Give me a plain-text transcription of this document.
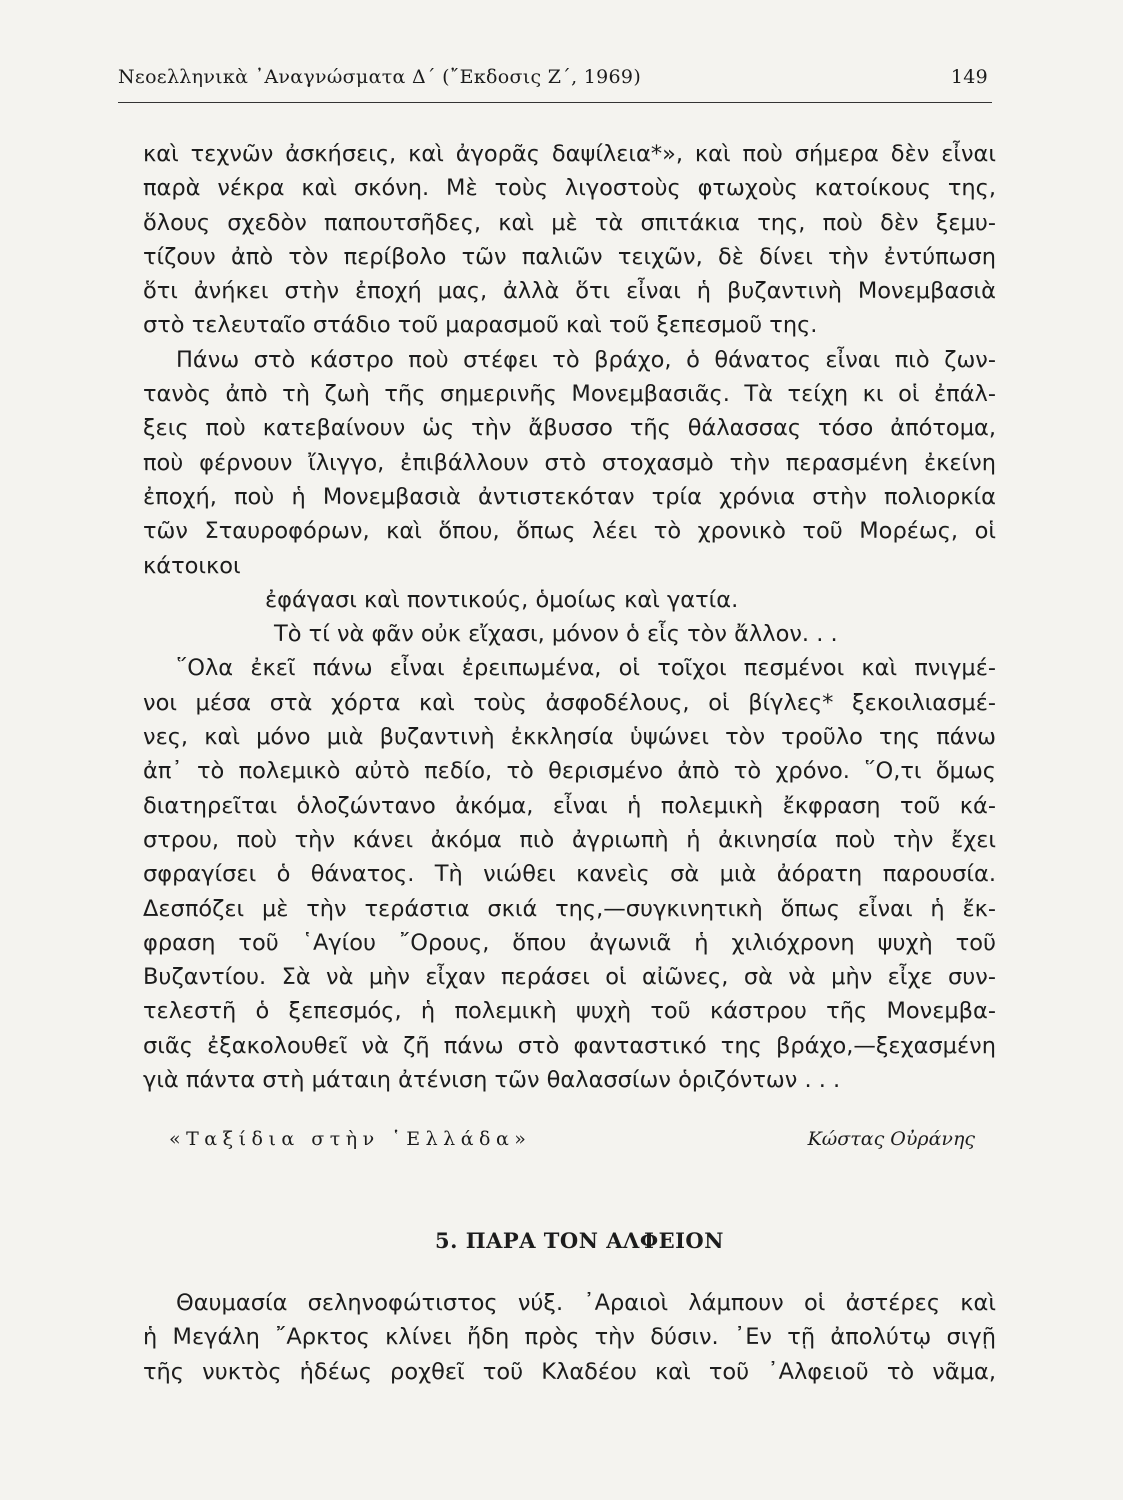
Νεοελληνικὰ ᾿Αναγνώσματα Δ΄ (῎Εκδοσις Ζ΄, 1969)	149
καὶ τεχνῶν ἀσκήσεις, καὶ ἀγορᾶς δαψίλεια*», καὶ ποὺ σήμερα δὲν εἶναι
παρὰ νέκρα καὶ σκόνη. Μὲ τοὺς λιγοστοὺς φτωχοὺς κατοίκους της,
ὅλους σχεδὸν παπουτσῆδες, καὶ μὲ τὰ σπιτάκια της, ποὺ δὲν ξεμυ-
τίζουν ἀπὸ τὸν περίβολο τῶν παλιῶν τειχῶν, δὲ δίνει τὴν ἐντύπωση
ὅτι ἀνήκει στὴν ἐποχή μας, ἀλλὰ ὅτι εἶναι ἡ βυζαντινὴ Μονεμβασιὰ
στὸ τελευταῖο στάδιο τοῦ μαρασμοῦ καὶ τοῦ ξεπεσμοῦ της.
Πάνω στὸ κάστρο ποὺ στέφει τὸ βράχο, ὁ θάνατος εἶναι πιὸ ζων-
τανὸς ἀπὸ τὴ ζωὴ τῆς σημερινῆς Μονεμβασιᾶς. Τὰ τείχη κι οἱ ἐπάλ-
ξεις ποὺ κατεβαίνουν ὡς τὴν ἄβυσσο τῆς θάλασσας τόσο ἀπότομα,
ποὺ φέρνουν ἴλιγγο, ἐπιβάλλουν στὸ στοχασμὸ τὴν περασμένη ἐκείνη
ἐποχή, ποὺ ἡ Μονεμβασιὰ ἀντιστεκόταν τρία χρόνια στὴν πολιορκία
τῶν Σταυροφόρων, καὶ ὅπου, ὅπως λέει τὸ χρονικὸ τοῦ Μορέως, οἱ
κάτοικοι
ἐφάγασι καὶ ποντικούς, ὁμοίως καὶ γατία.
Τὸ τί νὰ φᾶν οὐκ εἴχασι, μόνον ὁ εἷς τὸν ἄλλον. . .
῞Ολα ἐκεῖ πάνω εἶναι ἐρειπωμένα, οἱ τοῖχοι πεσμένοι καὶ πνιγμέ-
νοι μέσα στὰ χόρτα καὶ τοὺς ἀσφοδέλους, οἱ βίγλες* ξεκοιλιασμέ-
νες, καὶ μόνο μιὰ βυζαντινὴ ἐκκλησία ὑψώνει τὸν τροῦλο της πάνω
ἀπ᾿ τὸ πολεμικὸ αὐτὸ πεδίο, τὸ θερισμένο ἀπὸ τὸ χρόνο. ῞Ο,τι ὅμως
διατηρεῖται ὁλοζώντανο ἀκόμα, εἶναι ἡ πολεμικὴ ἔκφραση τοῦ κά-
στρου, ποὺ τὴν κάνει ἀκόμα πιὸ ἀγριωπὴ ἡ ἀκινησία ποὺ τὴν ἔχει
σφραγίσει ὁ θάνατος. Τὴ νιώθει κανεὶς σὰ μιὰ ἀόρατη παρουσία.
Δεσπόζει μὲ τὴν τεράστια σκιά της,—συγκινητικὴ ὅπως εἶναι ἡ ἔκ-
φραση τοῦ ῾Αγίου ῎Ορους, ὅπου ἀγωνιᾶ ἡ χιλιόχρονη ψυχὴ τοῦ
Βυζαντίου. Σὰ νὰ μὴν εἶχαν περάσει οἱ αἰῶνες, σὰ νὰ μὴν εἶχε συν-
τελεστῆ ὁ ξεπεσμός, ἡ πολεμικὴ ψυχὴ τοῦ κάστρου τῆς Μονεμβα-
σιᾶς ἐξακολουθεῖ νὰ ζῆ πάνω στὸ φανταστικό της βράχο,—ξεχασμένη
γιὰ πάντα στὴ μάταιη ἀτένιση τῶν θαλασσίων ὁριζόντων . . .
«Ταξίδια στὴν ῾Ελλάδα»	Κώστας Οὐράνης
5. ΠΑΡΑ ΤΟΝ ΑΛΦΕΙΟΝ
Θαυμασία σεληνοφώτιστος νύξ. ᾿Αραιοὶ λάμπουν οἱ ἀστέρες καὶ
ἡ Μεγάλη ῎Αρκτος κλίνει ἤδη πρὸς τὴν δύσιν. ᾿Εν τῇ ἀπολύτῳ σιγῇ
τῆς νυκτὸς ἡδέως ροχθεῖ τοῦ Κλαδέου καὶ τοῦ ᾿Αλφειοῦ τὸ νᾶμα,
